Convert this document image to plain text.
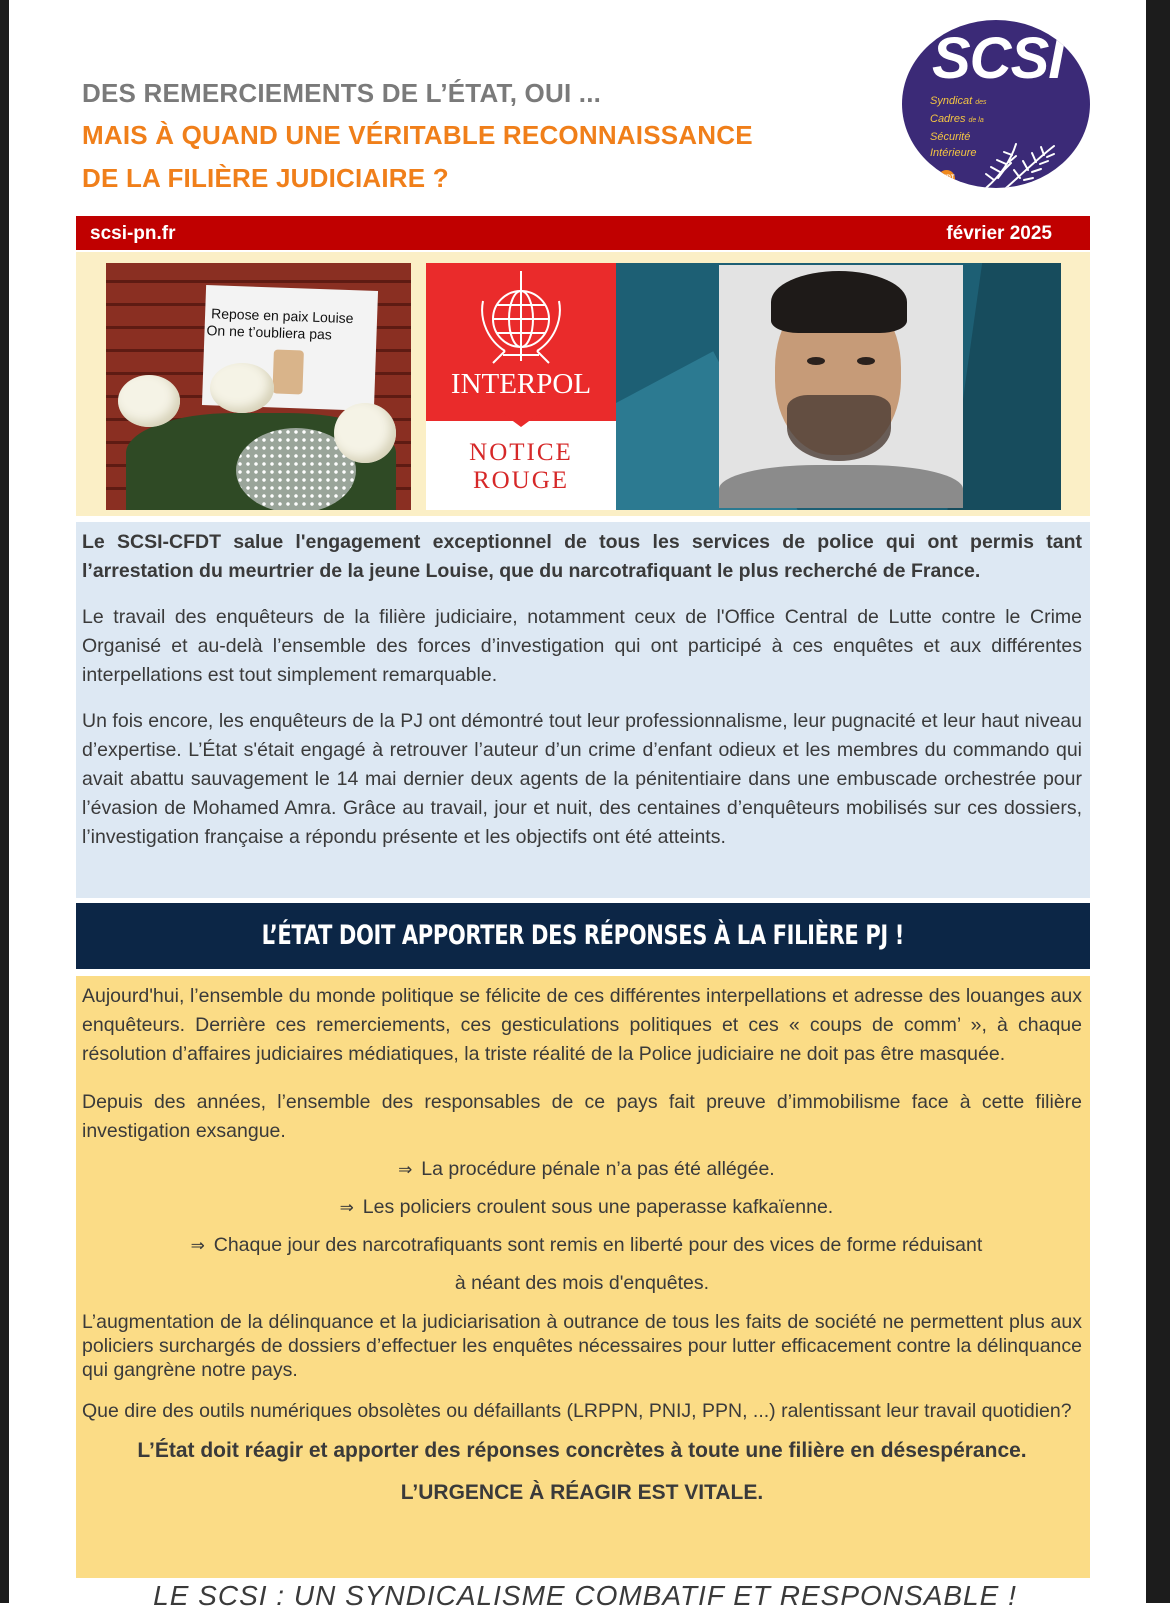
DES REMERCIEMENTS DE L’ÉTAT, OUI ...
MAIS À QUAND UNE VÉRITABLE RECONNAISSANCE
DE LA FILIÈRE JUDICIAIRE ?
SCSI
Syndicat des
Cadres de la
Sécurité
Intérieure
CFDT
scsi-pn.fr	février 2025
Repose en paix Louise
On ne t’oubliera pas
INTERPOL
NOTICE
ROUGE

Le SCSI-CFDT salue l'engagement exceptionnel de tous les services de police qui ont permis tant l’arrestation du meurtrier de la jeune Louise, que du narcotrafiquant le plus recherché de France.

Le travail des enquêteurs de la filière judiciaire, notamment ceux de l'Office Central de Lutte contre le Crime Organisé et au-delà l’ensemble des forces d’investigation qui ont participé à ces enquêtes et aux différentes interpellations est tout simplement remarquable.

Un fois encore, les enquêteurs de la PJ ont démontré tout leur professionnalisme, leur pugnacité et leur haut niveau d’expertise. L’État s'était engagé à retrouver l’auteur d’un crime d’enfant odieux et les membres du commando qui avait abattu sauvagement le 14 mai dernier deux agents de la pénitentiaire dans une embuscade orchestrée pour l’évasion de Mohamed Amra. Grâce au travail, jour et nuit, des centaines d’enquêteurs mobilisés sur ces dossiers, l’investigation française a répondu présente et les objectifs ont été atteints.

L’ÉTAT DOIT APPORTER DES RÉPONSES À LA FILIÈRE PJ !

Aujourd'hui, l’ensemble du monde politique se félicite de ces différentes interpellations et adresse des louanges aux enquêteurs. Derrière ces remerciements, ces gesticulations politiques et ces « coups de comm’ », à chaque résolution d’affaires judiciaires médiatiques, la triste réalité de la Police judiciaire ne doit pas être masquée.

Depuis des années, l’ensemble des responsables de ce pays fait preuve d’immobilisme face à cette filière investigation exsangue.

⇒ La procédure pénale n’a pas été allégée.

⇒ Les policiers croulent sous une paperasse kafkaïenne.

⇒ Chaque jour des narcotrafiquants sont remis en liberté pour des vices de forme réduisant

à néant des mois d'enquêtes.

L’augmentation de la délinquance et la judiciarisation à outrance de tous les faits de société ne permettent plus aux policiers surchargés de dossiers d’effectuer les enquêtes nécessaires pour lutter efficacement contre la délinquance qui gangrène notre pays.

Que dire des outils numériques obsolètes ou défaillants (LRPPN, PNIJ, PPN, ...) ralentissant leur travail quotidien?

L’État doit réagir et apporter des réponses concrètes à toute une filière en désespérance.

L’URGENCE À RÉAGIR EST VITALE.

LE SCSI : UN SYNDICALISME COMBATIF ET RESPONSABLE !
